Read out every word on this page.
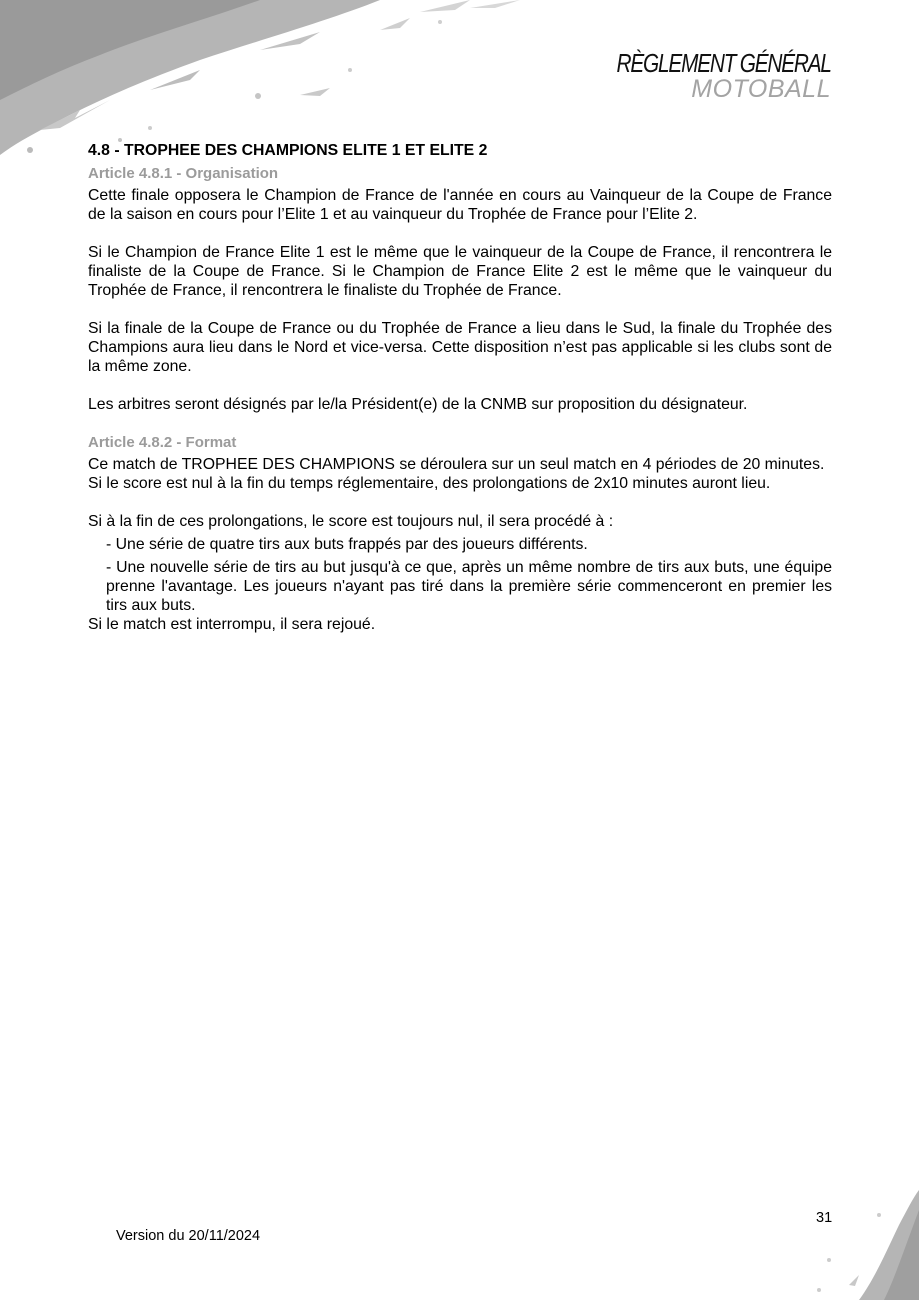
RÈGLEMENT GÉNÉRAL
MOTOBALL
4.8 - TROPHEE DES CHAMPIONS ELITE 1 ET ELITE 2
Article 4.8.1 - Organisation

Cette finale opposera le Champion de France de l'année en cours au Vainqueur de la Coupe de France de la saison en cours pour l’Elite 1 et au vainqueur du Trophée de France pour l’Elite 2.

Si le Champion de France Elite 1 est le même que le vainqueur de la Coupe de France, il rencontrera le finaliste de la Coupe de France. Si le Champion de France Elite 2 est le même que le vainqueur du Trophée de France, il rencontrera le finaliste du Trophée de France.

Si la finale de la Coupe de France ou du Trophée de France a lieu dans le Sud, la finale du Trophée des Champions aura lieu dans le Nord et vice-versa. Cette disposition n’est pas applicable si les clubs sont de la même zone.

Les arbitres seront désignés par le/la Président(e) de la CNMB sur proposition du désignateur.

Article 4.8.2 - Format

Ce match de TROPHEE DES CHAMPIONS se déroulera sur un seul match en 4 périodes de 20 minutes.

Si le score est nul à la fin du temps réglementaire, des prolongations de 2x10 minutes auront lieu.

Si à la fin de ces prolongations, le score est toujours nul, il sera procédé à :

- Une série de quatre tirs aux buts frappés par des joueurs différents.
- Une nouvelle série de tirs au but jusqu'à ce que, après un même nombre de tirs aux buts, une équipe prenne l'avantage. Les joueurs n'ayant pas tiré dans la première série commenceront en premier les tirs aux buts.

Si le match est interrompu, il sera rejoué.

31
Version du 20/11/2024
